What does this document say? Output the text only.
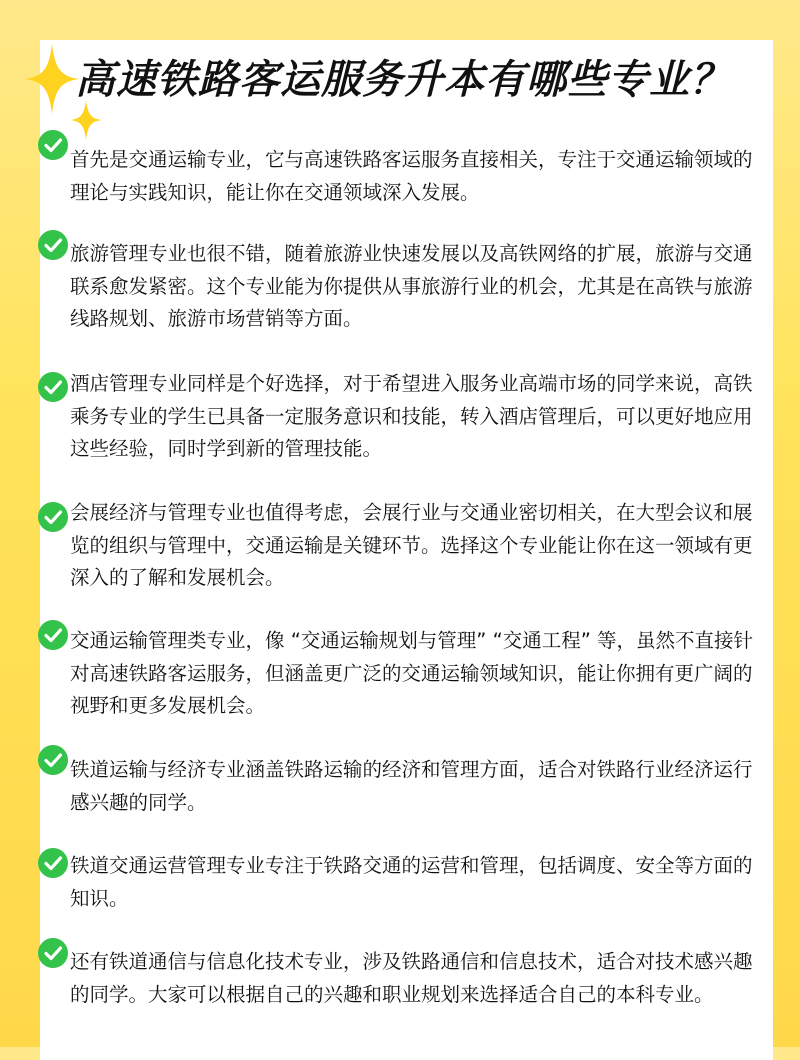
高速铁路客运服务升本有哪些专业？
首先是交通运输专业，它与高速铁路客运服务直接相关，专注于交通运输领域的理论与实践知识，能让你在交通领域深入发展。
旅游管理专业也很不错，随着旅游业快速发展以及高铁网络的扩展，旅游与交通联系愈发紧密。这个专业能为你提供从事旅游行业的机会，尤其是在高铁与旅游线路规划、旅游市场营销等方面。
酒店管理专业同样是个好选择，对于希望进入服务业高端市场的同学来说，高铁乘务专业的学生已具备一定服务意识和技能，转入酒店管理后，可以更好地应用这些经验，同时学到新的管理技能。
会展经济与管理专业也值得考虑，会展行业与交通业密切相关，在大型会议和展览的组织与管理中，交通运输是关键环节。选择这个专业能让你在这一领域有更深入的了解和发展机会。
交通运输管理类专业，像 “交通运输规划与管理” “交通工程” 等，虽然不直接针对高速铁路客运服务，但涵盖更广泛的交通运输领域知识，能让你拥有更广阔的视野和更多发展机会。
铁道运输与经济专业涵盖铁路运输的经济和管理方面，适合对铁路行业经济运行感兴趣的同学。
铁道交通运营管理专业专注于铁路交通的运营和管理，包括调度、安全等方面的知识。
还有铁道通信与信息化技术专业，涉及铁路通信和信息技术，适合对技术感兴趣的同学。大家可以根据自己的兴趣和职业规划来选择适合自己的本科专业。
